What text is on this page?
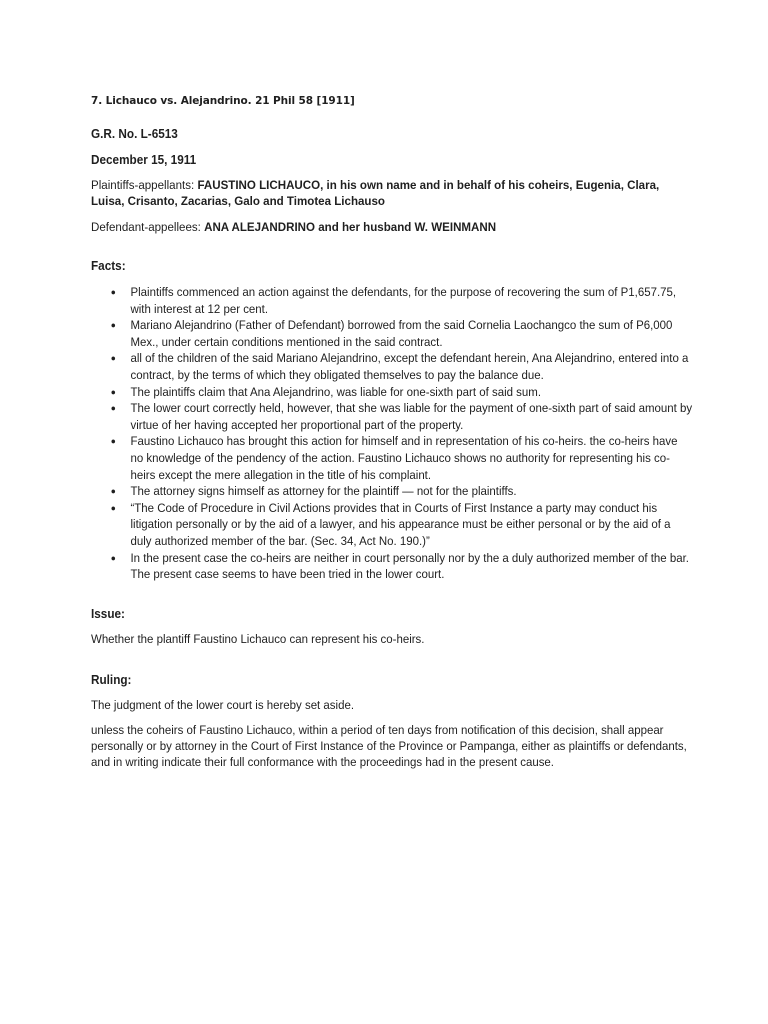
7. Lichauco vs. Alejandrino. 21 Phil 58 [1911]

G.R. No. L-6513

December 15, 1911

Plaintiffs-appellants: FAUSTINO LICHAUCO, in his own name and in behalf of his coheirs, Eugenia, Clara, Luisa, Crisanto, Zacarias, Galo and Timotea Lichauso

Defendant-appellees: ANA ALEJANDRINO and her husband W. WEINMANN

Facts:

● Plaintiffs commenced an action against the defendants, for the purpose of recovering the sum of P1,657.75, with interest at 12 per cent.
● Mariano Alejandrino (Father of Defendant) borrowed from the said Cornelia Laochangco the sum of P6,000 Mex., under certain conditions mentioned in the said contract.
● all of the children of the said Mariano Alejandrino, except the defendant herein, Ana Alejandrino, entered into a contract, by the terms of which they obligated themselves to pay the balance due.
● The plaintiffs claim that Ana Alejandrino, was liable for one-sixth part of said sum.
● The lower court correctly held, however, that she was liable for the payment of one-sixth part of said amount by virtue of her having accepted her proportional part of the property.
● Faustino Lichauco has brought this action for himself and in representation of his co-heirs. the co-heirs have no knowledge of the pendency of the action. Faustino Lichauco shows no authority for representing his co-heirs except the mere allegation in the title of his complaint.
● The attorney signs himself as attorney for the plaintiff — not for the plaintiffs.
● “The Code of Procedure in Civil Actions provides that in Courts of First Instance a party may conduct his litigation personally or by the aid of a lawyer, and his appearance must be either personal or by the aid of a duly authorized member of the bar. (Sec. 34, Act No. 190.)”
● In the present case the co-heirs are neither in court personally nor by the a duly authorized member of the bar. The present case seems to have been tried in the lower court.

Issue:

Whether the plantiff Faustino Lichauco can represent his co-heirs.

Ruling:

The judgment of the lower court is hereby set aside.

unless the coheirs of Faustino Lichauco, within a period of ten days from notification of this decision, shall appear personally or by attorney in the Court of First Instance of the Province or Pampanga, either as plaintiffs or defendants, and in writing indicate their full conformance with the proceedings had in the present cause.
